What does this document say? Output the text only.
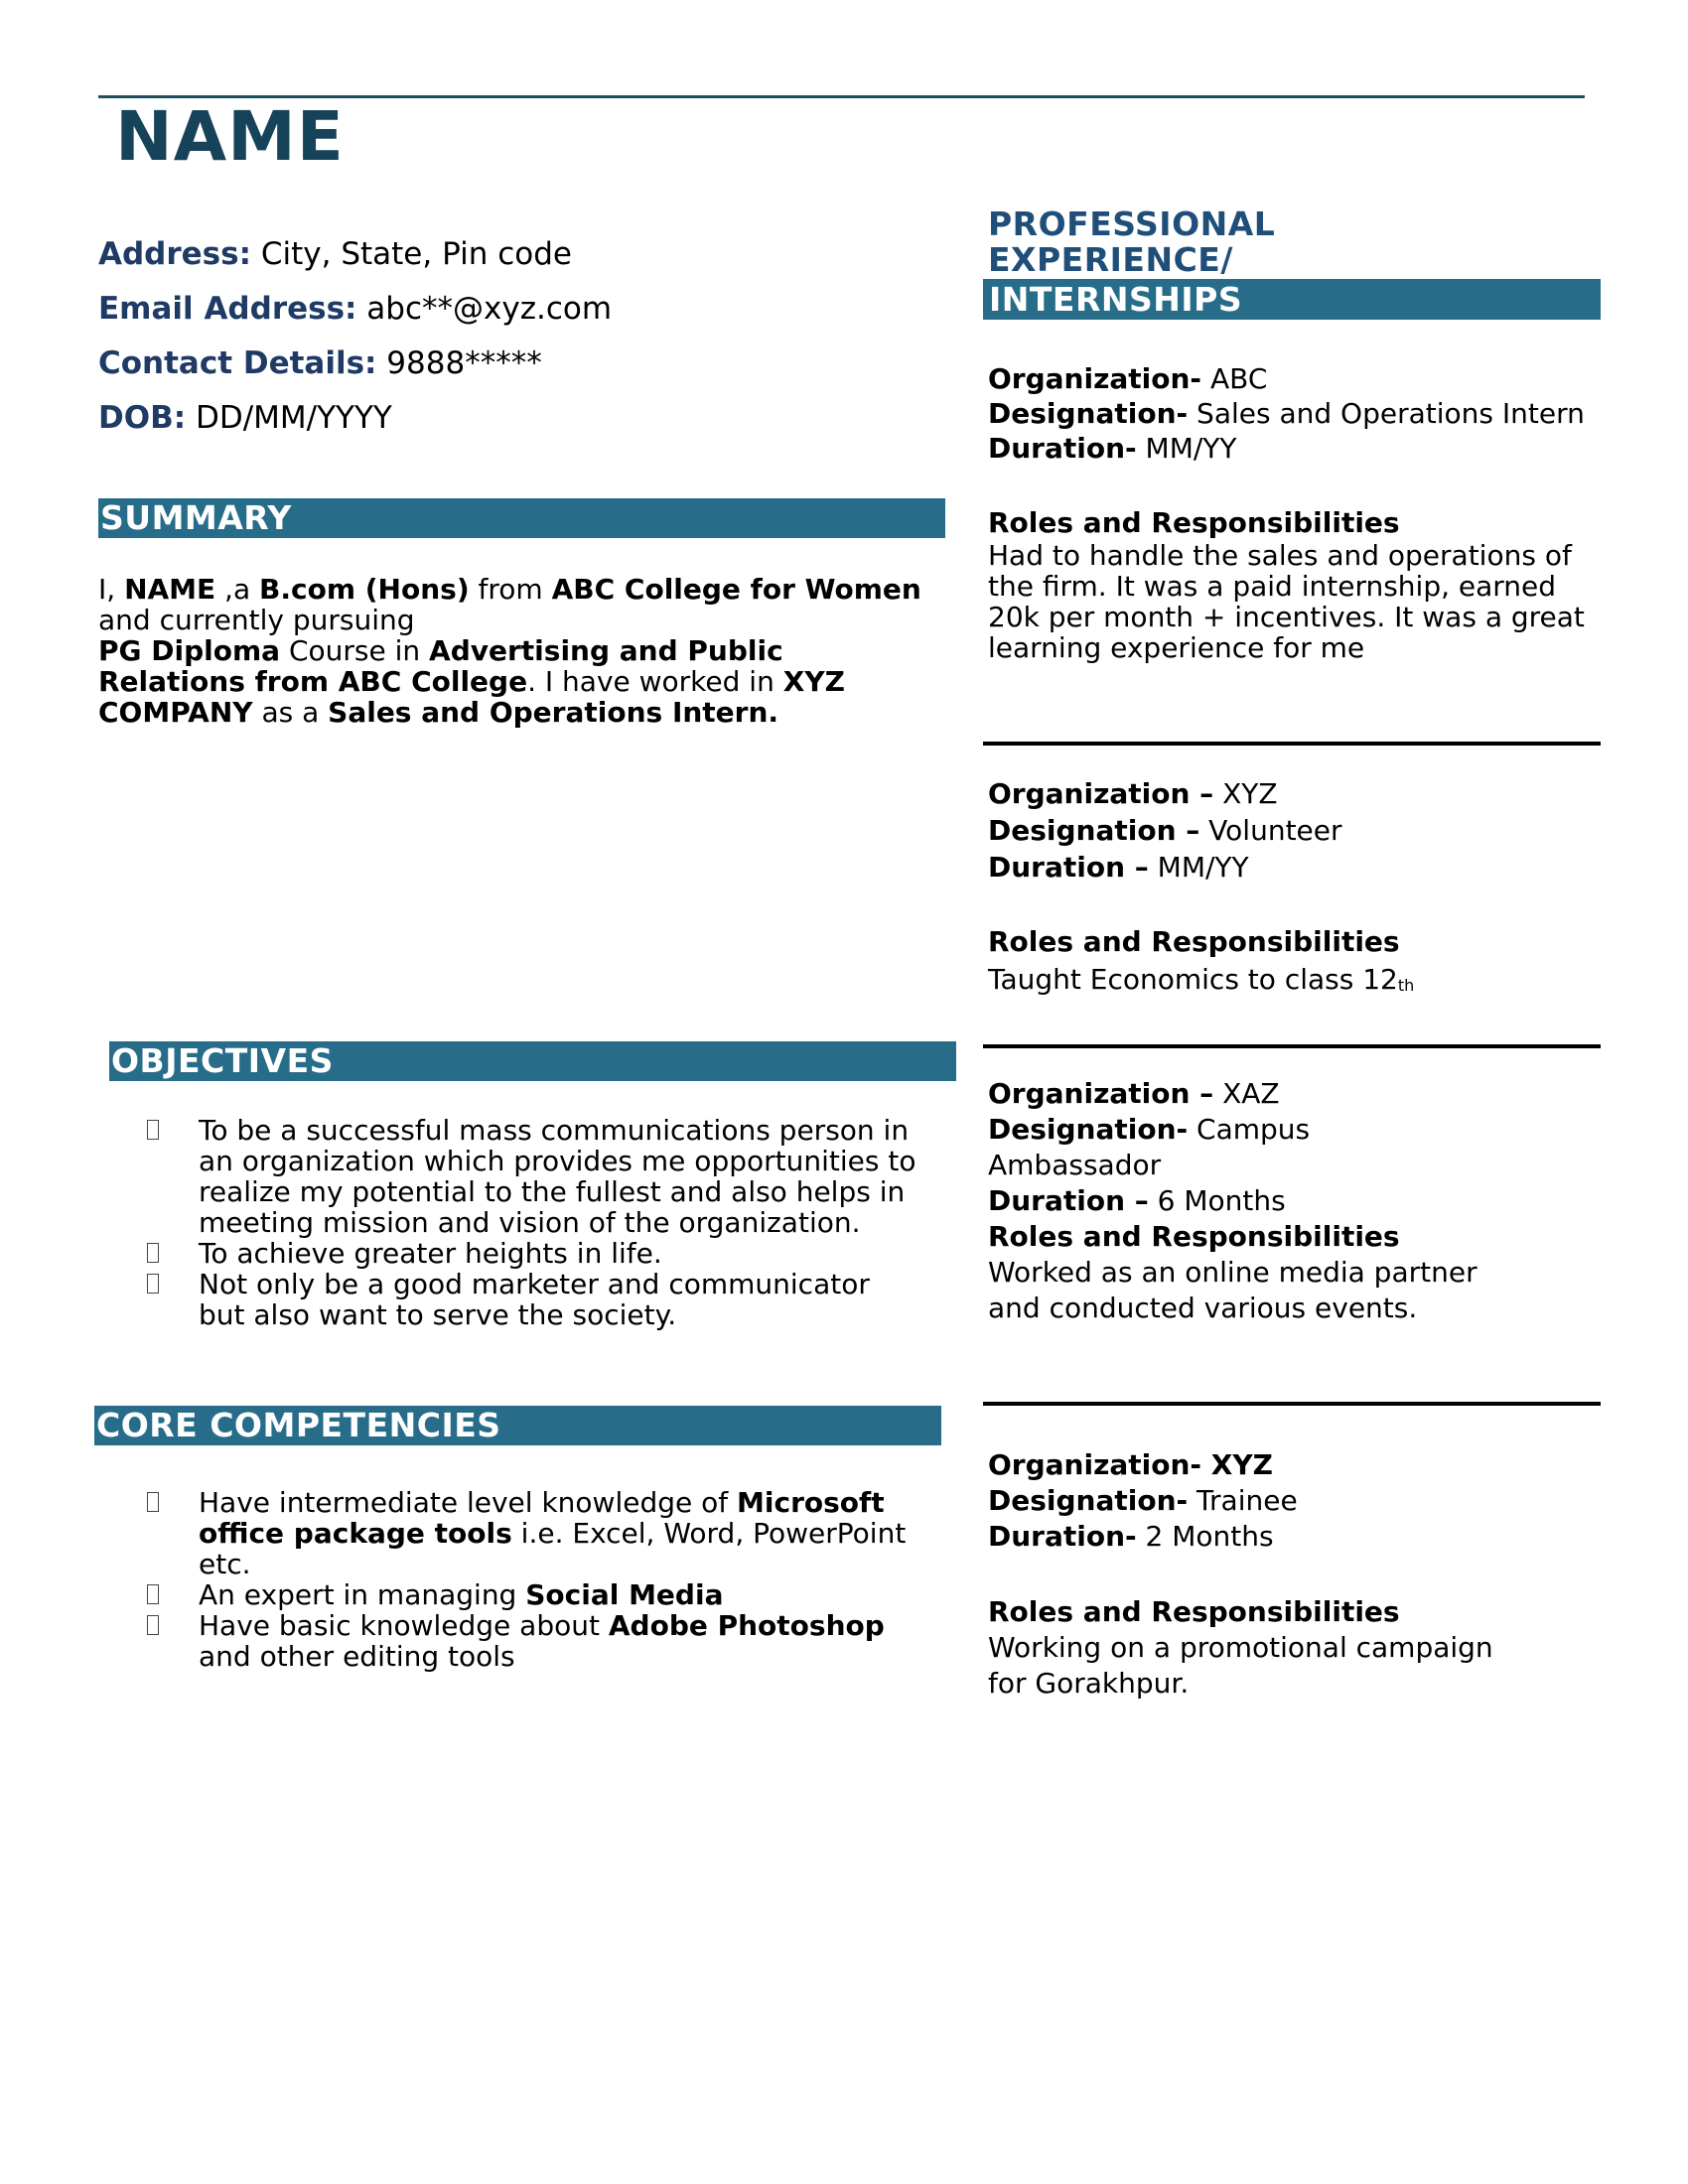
NAME
Address: City, State, Pin code
Email Address: abc**@xyz.com
Contact Details: 9888*****
DOB: DD/MM/YYYY
SUMMARY
I, NAME ,a B.com (Hons) from ABC College for Women
and currently pursuing
PG Diploma Course in Advertising and Public Relations from ABC College. I have worked in XYZ COMPANY as a Sales and Operations Intern.
OBJECTIVES
To be a successful mass communications person in an organization which provides me opportunities to realize my potential to the fullest and also helps in meeting mission and vision of the organization.
To achieve greater heights in life.
Not only be a good marketer and communicator but also want to serve the society.
CORE COMPETENCIES
Have intermediate level knowledge of Microsoft office package tools i.e. Excel, Word, PowerPoint etc.
An expert in managing Social Media
Have basic knowledge about Adobe Photoshop and other editing tools
PROFESSIONAL
EXPERIENCE/
INTERNSHIPS
Organization- ABC
Designation- Sales and Operations Intern
Duration- MM/YY
Roles and Responsibilities
Had to handle the sales and operations of the firm. It was a paid internship, earned 20k per month + incentives. It was a great learning experience for me
Organization – XYZ
Designation – Volunteer
Duration – MM/YY
Roles and Responsibilities
Taught Economics to class 12th
Organization – XAZ
Designation- Campus Ambassador
Duration – 6 Months
Roles and Responsibilities
Worked as an online media partner and conducted various events.
Organization- XYZ
Designation- Trainee
Duration- 2 Months
Roles and Responsibilities
Working on a promotional campaign for Gorakhpur.
